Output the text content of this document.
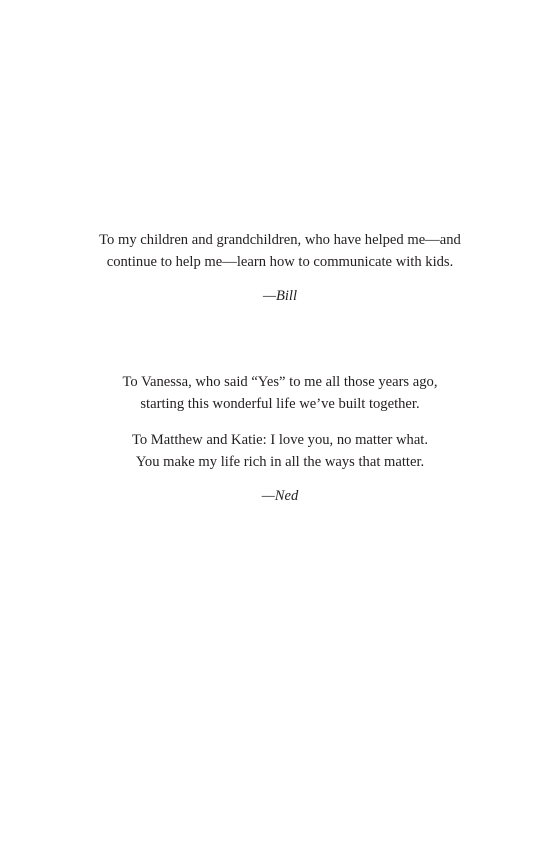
To my children and grandchildren, who have helped me—and
continue to help me—learn how to communicate with kids.
—Bill
To Vanessa, who said “Yes” to me all those years ago,
starting this wonderful life we’ve built together.
To Matthew and Katie: I love you, no matter what.
You make my life rich in all the ways that matter.
—Ned
